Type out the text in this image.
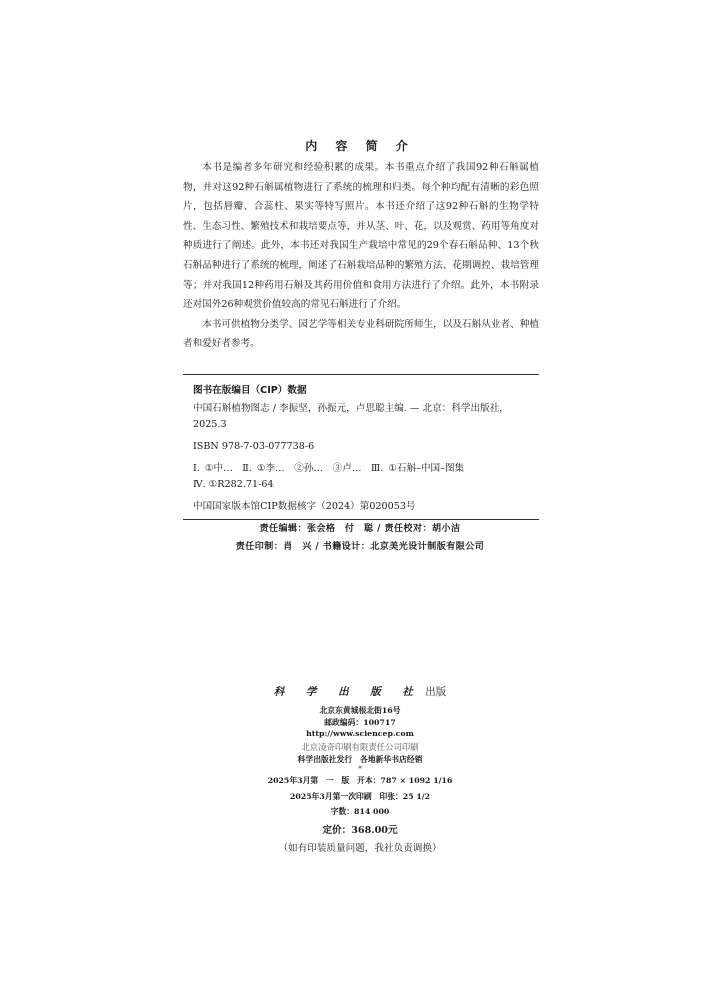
内 容 简 介

本书是编者多年研究和经验积累的成果。本书重点介绍了我国92种石斛属植物，并对这92种石斛属植物进行了系统的梳理和归类。每个种均配有清晰的彩色照片，包括唇瓣、合蕊柱、果实等特写照片。本书还介绍了这92种石斛的生物学特性、生态习性、繁殖技术和栽培要点等，并从茎、叶、花，以及观赏、药用等角度对种质进行了阐述。此外，本书还对我国生产栽培中常见的29个春石斛品种、13个秋石斛品种进行了系统的梳理，阐述了石斛栽培品种的繁殖方法、花期调控、栽培管理等；并对我国12种药用石斛及其药用价值和食用方法进行了介绍。此外，本书附录还对国外26种观赏价值较高的常见石斛进行了介绍。

本书可供植物分类学、园艺学等相关专业科研院所师生，以及石斛从业者、种植者和爱好者参考。

图书在版编目（CIP）数据
中国石斛植物图志 / 李振坚，孙振元，卢思聪主编. — 北京：科学出版社，2025.3
ISBN 978-7-03-077738-6
Ⅰ. ①中…　Ⅱ. ①李…　②孙…　③卢…　Ⅲ. ①石斛–中国–图集
Ⅳ. ①R282.71-64
中国国家版本馆CIP数据核字（2024）第020053号
责任编辑：张会格　付　聪 / 责任校对：胡小洁
责任印制：肖　兴 / 书籍设计：北京美光设计制版有限公司
科 学 出 版 社 出版
北京东黄城根北街16号
邮政编码：100717
http://www.sciencep.com
北京凌奇印刷有限责任公司印刷
科学出版社发行　各地新华书店经销
*
2025年3月第　一　版　开本：787 × 1092 1/16
2025年3月第一次印刷　印张：25 1/2
字数：814 000
定价：368.00元
（如有印装质量问题，我社负责调换）
